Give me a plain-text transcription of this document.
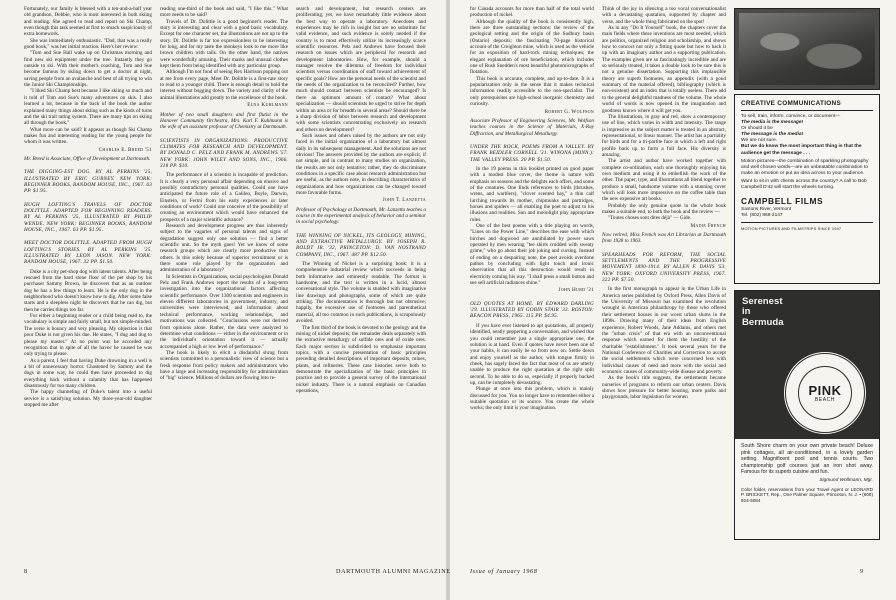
Fortunately, our family is blessed with a ten-and-a-half year old grandson, Debbie, who is most interested in both skiing and reading. She agreed to read and report on Ski Champ, even though this task seemed at first to smack suspiciously of extra homework.

She was immediately enthusiastic. "Dad, that was a really good book," was her initial reaction. Here's her review:

"Tom and Sue Hall wake up on Christmas morning and find new ski equipment under the tree. Instantly they go outside to ski. With their mother's coaching, Tom and Sue become famous by skiing down to get a doctor at night, saving people from an avalanche and best of all trying to win the Junior Ski Championships.

"I liked Ski Champ best because I like skiing so much and it told of Tom and Sue's many adventures on skis. I also learned a lot, because in the back of the book the author explained many things about skiing such as the kinds of turns and the ski trail rating system. There are many tips on skiing all through the book."

What more can be said? It appears as though Ski Champ makes fun and interesting reading for the young people for whom it was written.

Charles E. Breed '51
Mr. Breed is Associate, Office of Development at Dartmouth.
THE DIGGING-EST DOG. BY AL PERKINS '25, ILLUSTRATED BY ERIC GURNEY. NEW YORK: BEGINNER BOOKS, RANDOM HOUSE, INC., 1967. 63 PP. $1.95.
HUGH LOFTING'S TRAVELS OF DOCTOR DOLITTLE. ADAPTED FOR BEGINNING READERS. BY AL PERKINS '25, ILLUSTRATED BY PHILIP WENDE. NEW YORK: BEGINNER BOOKS, RANDOM HOUSE, INC., 1967. 63 PP. $1.95.
MEET DOCTOR DOLITTLE. ADAPTED FROM HUGH LOFTING'S STORIES. BY AL PERKINS '25. ILLUSTRATED BY LEON JASON. NEW YORK: RANDOM HOUSE, 1967. 32 PP. $1.50.

Duke is a city pet-shop dog with latent talents. After being rescued from the hard stone floor of the pet shop by his purchaser Sammy Brown, he discovers that as an outdoor dog he has a few things to learn. He is the only dog in the neighborhood who doesn't know how to dig. After some false starts and a sleepless night he discovers that he can dig, but then he carries things too far.

For either a beginning reader or a child being read to, the vocabulary is simple and fairly small, but not simple-minded. The verse is bouncy and very pleasing. My objection is that poor Duke is not given his due. He states, "I dug and dug to please my master." At no point was he accorded any recognition that in spite of all the havoc he caused he was only trying to please.

As a parent, I feel that having Duke drowning in a well is a bit of unnecessary horror. Chastened by Sammy and the dogs in some way, he could then have proceeded to dig everything back without a calamity that has happened disastrously for too many children.

The happy channeling of Duke's talent into a useful service is a satisfying solution. My three-year-old daughter stopped me after

reading one-third of the book and said, "I like this." What more needs to be said?

Travels of Dr. Dolittle is a good beginner's reader. The story is interesting and clear with a good basic vocabulary. Except for one character set, the illustrations are not up to the story. Dr. Dolittle is far too expressionless to be interesting for long, and for my taste the monkeys look to me more like brown children with tails. On the other hand, the natives were wonderfully amusing. Their masks and unusual clothes kept them from being identified with any particular group.

Although I'm not fond of seeing Rex Harrison popping out at me from every page, Meet Dr. Dolittle is a first-rate story to read to a younger child. There is enough detail to hold the interest without bogging down. The variety and clarity of the animal illustrations add greatly to the excellence of the book.

Elna Kuhlmann
Mother of two small daughters and first flutist in the Hanover Community Orchestra, Mrs. Karl F. Kuhlmann is the wife of an assistant professor of Chemistry at Dartmouth.
SCIENTISTS IN ORGANIZATIONS: PRODUCTIVE CLIMATES FOR RESEARCH AND DEVELOPMENT. BY DONALD C. PELZ AND FRANK M. ANDREWS '57. NEW YORK: JOHN WILEY AND SONS, INC., 1966. 318 PP. $10.

The performance of a scientist is incapable of prediction. It is clearly a very personal affair depending on elusive and possibly contradictory personal qualities. Could one have anticipated the future role of a Galileo, Boyle, Darwin, Einstein, or Fermi from his early experiences or later conditions of work? Could one conceive of the possibility of creating an environment which would have enhanced the prospects of a major scientific advance?

Research and development progress are thus inherently subject to the vagaries of personal talents and signs of degradation suggest only one solution — find a better scientific unit. So the myth goes! Yet we know of some research groups which are clearly more productive than others. Is this solely because of superior recruitment or is there some role played by the organization and administration of a laboratory?

In Scientists in Organizations, social psychologists Donald Pelz and Frank Andrews report the results of a long-term investigation into the organizational factors affecting scientific performance. Over 1300 scientists and engineers in eleven different laboratories in government, industry, and universities were interviewed, and information about technical performance, working relationships, and motivations was collected. "Conclusions were not derived from opinions alone. Rather, the data were analyzed to determine what conditions — either in the environment or in the individual's orientation toward it — actually accompanied a high or low level of performance."

The book is likely to elicit a disdainful shrug from scientists committed to a personalistic view of science but a fresh response from policy makers and administrators who have a large and increasing responsibility for administration of "big" science. Millions of dollars are flowing into re-

search and development, but research centers are proliferating; yet, we have remarkably little evidence about the best way to operate a laboratory. Anecdotes and experiences may be rich in insight but are no substitute for valid evidence, and such evidence is sorely needed if the country is to most effectively utilize its increasingly scarce scientific resources. Pelz and Andrews have focused their research on issues which are peripheral for research and development laboratories. How, for example, should a manager resolve the dilemma of freedom for individual scientists versus coordination of staff toward achievement of specific goals? How are the personal needs of the scientist and the needs of the organization to be reconciled? Further, how much should contact between scientists be encouraged? Is there an optimum amount of contact? What about specialization — should scientists be urged to strive for depth within an area or for breadth in several areas? Should there be a sharp division of labor between research and development with some scientists concentrating exclusively on research and others on development?

Such issues and others raised by the authors are not only faced in the initial organization of a laboratory but almost daily in its subsequent management. And the solutions are not obvious! The answers provided by the authors are explicit, if not simple, and in contrast to many studies on organization, the results are not only tentative; rather, they do discriminate conditions in a specific case about research administration but are useful, as the authors note, in describing characteristics of organizations and how organizations can be changed toward more favorable forms.

John T. Lanzetta
Professor of Psychology at Dartmouth, Mr. Lanzetta teaches a course in the experimental analysis of behavior and a seminar in social psychology.
THE WINNING OF NICKEL, ITS GEOLOGY, MINING, AND EXTRACTIVE METALLURGY. BY JOSEPH R. BOLDT JR. '32, PRINCETON: D. VAN NOSTRAND COMPANY, INC., 1967. 487 PP. $12.50.

The Winning of Nickel is a surprising book: it is a comprehensive industrial review which succeeds in being both informative and eminently readable. The format is handsome, and the text is written in a lucid, almost conversational style. The volume is studded with imaginative line drawings and photographs, some of which are quite striking. The documentation is thorough but not obtrusive; happily, the excessive use of footnotes and parenthetical material, all too common in such publications, is scrupulously avoided.

The first third of the book is devoted to the geology and the mining of nickel deposits; the remainder deals separately with the extractive metallurgy of sulfide ores and of oxide ores. Each major section is subdivided to emphasize important topics, with a concise presentation of basic principles preceding detailed descriptions of important deposits, mines, plants, and refineries. These case histories serve both to demonstrate the specialization of the basic principles in practice and to provide a general survey of the international nickel industry. There is a natural emphasis on Canadian operations,

for Canada accounts for more than half of the total world production of nickel.

Although the quality of the book is consistently high, there are three outstanding sections: the review of the geological setting and the origin of the Sudbury basin (Ontario) deposits; the fascinating 70-page historical account of the Creighton mine, which is used as the vehicle for an exposition of hard-rock mining techniques; the elegant explanation of ore beneficiation, which includes one of Rush Snedden's most beautiful photomicrographs of flotation.

This book is accurate, complete, and up-to-date. It is a popularization only in the sense that it makes technical information readily accessible to the non-specialist. The only prerequisites are high-school inorganic chemistry and curiosity.

Robert G. Wolfson
Associate Professor of Engineering Sciences, Mr. Wolfson teaches courses in the Science of Materials, X-Ray Diffraction, and Metallurgical Metallurgy.
UNDER THE ROCK, POEMS FROM A VALLEY. BY FRANK BEIDLER CORNELL '31. WINONA (MINN.): THE VALLEY PRESS. 20 PP. $1.50.

In the 19 poems in this booklet printed on good paper with a modest blue cover, the theme is nature with emphasis on seasons and the delights each offers, and some of the creatures. One finds references to birds (thrushes, wrens, and warblers), "clover scented hay," a thin calf lurching towards its mother, chipmunks and partridges, horses and spiders — all enabling the poet to adjust to his illusions and realities. Sun and moonlight play appropriate roles.

One of the best poems with a title playing on words, "Lines on the Power Line," describes the ease with which birches and dogwood are annihilated by power saws operated by men wearing "tee shirts crudded with sweaty grime," who go about their job joking and cursing. Instead of ending on a despairing note, the poet avoids overdone pathos by concluding with light touch and ironic observation that all this destruction would result in electricity coming his way. "I shall press a small button and see sell artificial radiances shine."

John Hurd '21
OLD QUOTES AT HOME. BY EDWARD DARLING '29. ILLUSTRATED BY GOBIN STAIR '33. BOSTON: BEACON PRESS, 1965. 115 PP. $4.95.

If you have ever listened to apt quotations, all properly identified, neatly peppering a conversation, and wished that you could remember just a single appropriate one, the solution is at hand. Even if quotes have never been one of your habits, it can easily be so from now on. Settle down and enjoy yourself as the author, with tongue firmly in cheek, has sagely faced the fact that most of us are utterly unable to produce the right quotation at the right split second. To be able to do so, especially if properly backed up, can be completely devastating.

Plunge at once into this problem, which is mainly discussed for you. You no longer have to remember either a suitable quotation or its source. You create the whole works; the only limit is your imagination.

Think of the joy in silencing a too vocal conversationalist with a devastating quotation, supported by chapter and verse, and the whole thing fabricated on the spot!

As in any "Do It Yourself" book, the chapters cover the main fields where these inventions are most needed, which are politics, organized religion and scholarship, and shows how to concoct not only a fitting quote but how to back it up with an imaginary author and a supporting publication. The examples given are so fascinatingly incredible and are so seriously treated, it takes a double look to be sure this is not a genuine dissertation. Supporting this implausible theory are superb footnotes, an appendix (with a good summary of the material offered), bibliography (which is non-existent) and an index that is totally useless. There add to the general delightful madness of the volume. The whole world of words is now opened in the imagination and goodness knows where it will get you.

The illustrations, in gray and red, show a contemporary use of line, which varies in width and intensity. The range is impressive as the subject matter is treated in an abstract, representational, or linear manner. The artist has a partiality for birds and for a tri-partite face in which a left and right profile back up to form a full face. His diversity is amazing.

The artist and author have worked together with complete co-ordination, each one thoroughly enjoying his own medium and using it to embellish the work of the other. The paper, type, and illustrations all blend together to produce a small, handsome volume with a stunning cover which will look more impressive on the coffee table than the new expensive art books.

Probably the only genuine quote in the whole book makes a suitable end, to both the book and the review —

"Toutes choses sont dites déjà" — Gide.

Madie French
Now retired, Miss French was Art Librarian at Dartmouth from 1928 to 1963.
SPEARHEADS FOR REFORM, THE SOCIAL SETTLEMENTS AND THE PROGRESSIVE MOVEMENT 1890-1914. BY ALLEN F. DAVIS '53. NEW YORK: OXFORD UNIVERSITY PRESS, 1967. 322 PP. $7.50.

In the first monograph to appear in the Urban Life in America series published by Oxford Press, Allen Davis of the University of Missouri has examined the revolution wrought in American philanthropy by those who offered their settlement houses in our worst urban slums in the 1890s. Drawing many of their ideas from English experience, Robert Woods, Jane Addams, and others met the "urban crisis" of that era with an unconventional response which earned for them the hostility of the charitable "establishment." It took several years for the National Conference of Charities and Correction to accept the social settlements which were concerned less with individual causes of need and more with the social and economic causes of community-wide disease and poverty.

As the book's title suggests, the settlements became nurseries of programs to reform our urban centers. Davis shows how pressure for better housing, more parks and playgrounds, labor legislation for women

CREATIVE COMMUNICATIONS
To sell, train, inform, convince, or document—
The media is the message!
Or should it be
The message is the media!
We are not sure.
But we do know the most important thing is that the audience get the message . . .
Motion pictures—the combination of sparkling photography and well chosen words—are an unbeatable combination to make an emotion or put an idea across to your audience.
Want to sit in with clients across the country? A call to Bob Campbell D'42 will start the wheels turning.
CAMPBELL FILMS
Saxtons River, Vermont
Tel. (802) 869-2147
MOTION PICTURES AND FILMSTRIPS SINCE 1947
Serenest
in
Bermuda
PINK
BEACH
South Shore charm on your own private beach! Deluxe pink cottages, all air-conditioned, in a lovely garden setting. Magnificent pool and tennis courts. Two championship golf courses just an iron shot away. Famous for its superb cuisine and fun.
Sigmund Wollmann, Mgr.
Color folder, reservations from your Travel Agent or LEONARD P. BRICKETT, Rep., One Palmer Square, Princeton, N. J. • (609) 924-5084
8	DARTMOUTH ALUMNI MAGAZINE	Issue of January 1968	9
